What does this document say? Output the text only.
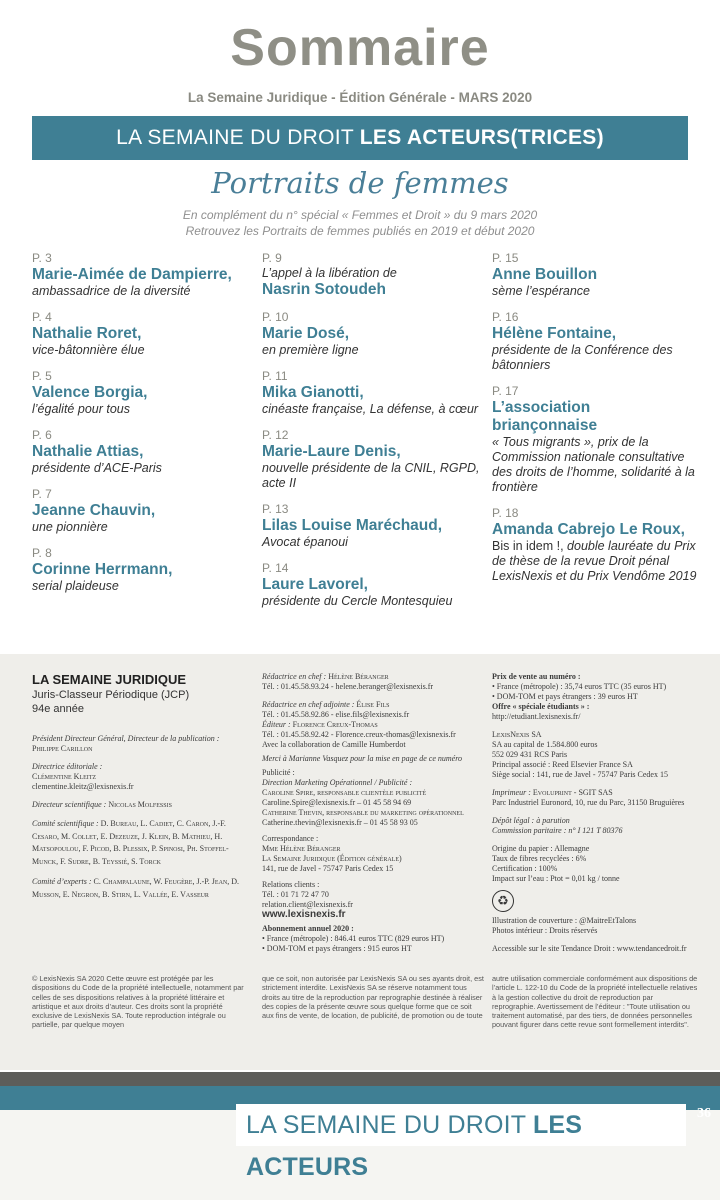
Sommaire
La Semaine Juridique - Édition Générale - MARS 2020
LA SEMAINE DU DROIT LES ACTEURS(TRICES)
Portraits de femmes
En complément du n° spécial « Femmes et Droit » du 9 mars 2020
Retrouvez les Portraits de femmes publiés en 2019 et début 2020
P. 3
Marie-Aimée de Dampierre,
ambassadrice de la diversité
P. 4
Nathalie Roret,
vice-bâtonnière élue
P. 5
Valence Borgia,
l’égalité pour tous
P. 6
Nathalie Attias,
présidente d’ACE-Paris
P. 7
Jeanne Chauvin,
une pionnière
P. 8
Corinne Herrmann,
serial plaideuse
P. 9
L’appel à la libération de
Nasrin Sotoudeh
P. 10
Marie Dosé,
en première ligne
P. 11
Mika Gianotti,
cinéaste française, La défense, à cœur
P. 12
Marie-Laure Denis,
nouvelle présidente de la CNIL, RGPD, acte II
P. 13
Lilas Louise Maréchaud,
Avocat épanoui
P. 14
Laure Lavorel,
présidente du Cercle Montesquieu
P. 15
Anne Bouillon
sème l’espérance
P. 16
Hélène Fontaine,
présidente de la Conférence des bâtonniers
P. 17
L’association briançonnaise
« Tous migrants », prix de la Commission nationale consultative des droits de l’homme, solidarité à la frontière
P. 18
Amanda Cabrejo Le Roux,
Bis in idem !, double lauréate du Prix de thèse de la revue Droit pénal LexisNexis et du Prix Vendôme 2019
LA SEMAINE JURIDIQUE
Juris-Classeur Périodique (JCP)
94e année

Président Directeur Général, Directeur de la publication :

Philippe Carillon

Directrice éditoriale :

Clémentine Kleitz

clementine.kleitz@lexisnexis.fr

Directeur scientifique : Nicolas Molfessis

Comité scientifique : D. Bureau, L. Cadiet, C. Caron, J.-F. Cesaro, M. Collet, E. Dezeuze, J. Klein, B. Mathieu, H. Matsopoulou, F. Picod, B. Plessix, P. Spinosi, Ph. Stoffel-Munck, F. Sudre, B. Teyssié, S. Torck

Comité d’experts : C. Champalaune, W. Feugère, J.-P. Jean, D. Musson, E. Negron, B. Stirn, L. Vallée, E. Vasseur

Rédactrice en chef : Hélène Béranger

Tél. : 01.45.58.93.24 - helene.beranger@lexisnexis.fr

Rédactrice en chef adjointe : Élise Fils

Tél. : 01.45.58.92.86 - elise.fils@lexisnexis.fr

Éditeur : Florence Creux-Thomas

Tél. : 01.45.58.92.42 - Florence.creux-thomas@lexisnexis.fr

Avec la collaboration de Camille Humberdot

Merci à Marianne Vasquez pour la mise en page de ce numéro

Publicité :

Direction Marketing Opérationnel / Publicité :

Caroline Spire, responsable clientèle publicité

Caroline.Spire@lexisnexis.fr – 01 45 58 94 69

Catherine Thevin, responsable du marketing opérationnel

Catherine.thevin@lexisnexis.fr – 01 45 58 93 05

Correspondance :

Mme Hélène Béranger

La Semaine Juridique (Édition générale)

141, rue de Javel - 75747 Paris Cedex 15

Relations clients :

Tél. : 01 71 72 47 70

relation.client@lexisnexis.fr

www.lexisnexis.fr

Abonnement annuel 2020 :

• France (métropole) : 846.41 euros TTC (829 euros HT)

• DOM-TOM et pays étrangers : 915 euros HT

Prix de vente au numéro :

• France (métropole) : 35,74 euros TTC (35 euros HT)

• DOM-TOM et pays étrangers : 39 euros HT

Offre « spéciale étudiants » :

http://etudiant.lexisnexis.fr/

LexisNexis SA

SA au capital de 1.584.800 euros

552 029 431 RCS Paris

Principal associé : Reed Elsevier France SA

Siège social : 141, rue de Javel - 75747 Paris Cedex 15

Imprimeur : Evoluprint - SGIT SAS

Parc Industriel Euronord, 10, rue du Parc, 31150 Bruguières

Dépôt légal : à parution

Commission paritaire : n° I 121 T 80376

Origine du papier : Allemagne

Taux de fibres recyclées : 6%

Certification : 100%

Impact sur l’eau : Ptot = 0,01 kg / tonne

♻

Illustration de couverture : @MaitreEtTalons

Photos intérieur : Droits réservés

Accessible sur le site Tendance Droit : www.tendancedroit.fr

© LexisNexis SA 2020 Cette œuvre est protégée par les dispositions du Code de la propriété intellectuelle, notamment par celles de ses dispositions relatives à la propriété littéraire et artistique et aux droits d’auteur. Ces droits sont la propriété exclusive de LexisNexis SA. Toute reproduction intégrale ou partielle, par quelque moyen
que ce soit, non autorisée par LexisNexis SA ou ses ayants droit, est strictement interdite. LexisNexis SA se réserve notamment tous droits au titre de la reproduction par reprographie destinée à réaliser des copies de la présente œuvre sous quelque forme que ce soit aux fins de vente, de location, de publicité, de promotion ou de toute
autre utilisation commerciale conformément aux dispositions de l’article L. 122-10 du Code de la propriété intellectuelle relatives à la gestion collective du droit de reproduction par reprographie. Avertissement de l’éditeur : "Toute utilisation ou traitement automatisé, par des tiers, de données personnelles pouvant figurer dans cette revue sont formellement interdits".
LA SEMAINE DU DROIT LES ACTEURS
36
